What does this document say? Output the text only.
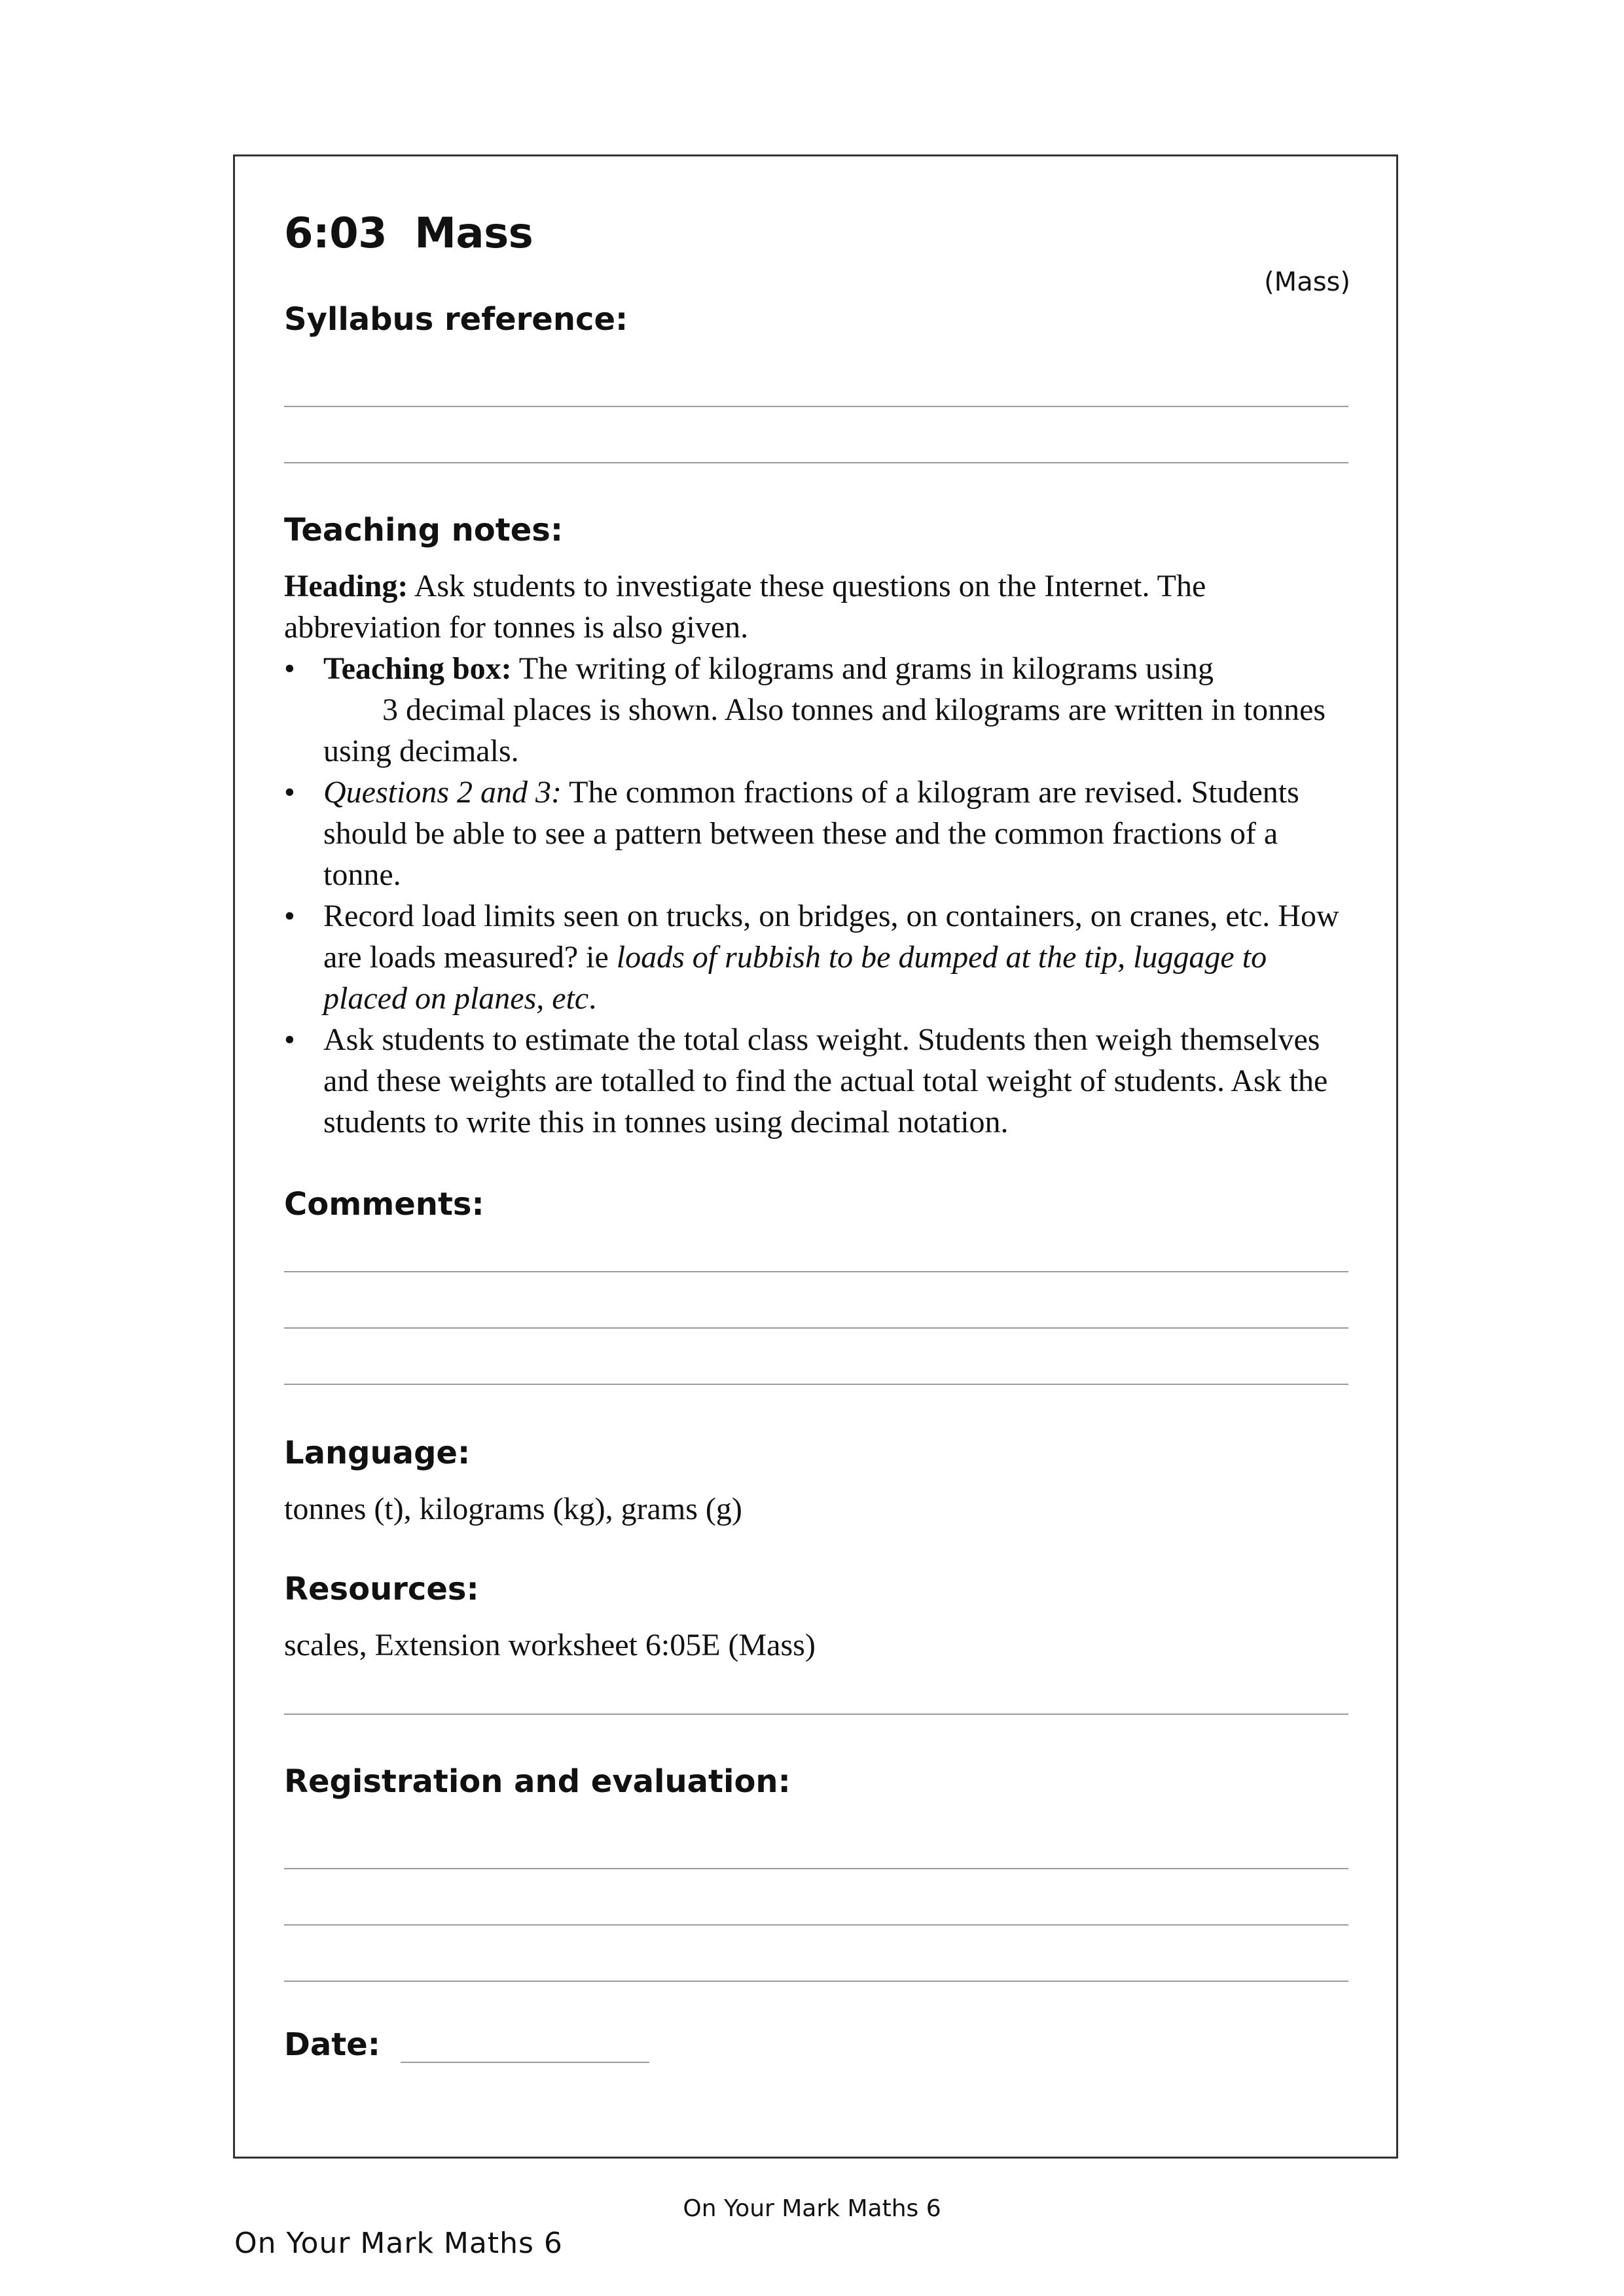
6:03 Mass
(Mass)
Syllabus reference:
Teaching notes:

Heading: Ask students to investigate these questions on the Internet. The abbreviation for tonnes is also given.

• Teaching box: The writing of kilograms and grams in kilograms using
3 decimal places is shown. Also tonnes and kilograms are written in tonnes
using decimals.
• Questions 2 and 3: The common fractions of a kilogram are revised. Students should be able to see a pattern between these and the common fractions of a tonne.
• Record load limits seen on trucks, on bridges, on containers, on cranes, etc. How are loads measured? ie loads of rubbish to be dumped at the tip, luggage to placed on planes, etc.
• Ask students to estimate the total class weight. Students then weigh themselves and these weights are totalled to find the actual total weight of students. Ask the students to write this in tonnes using decimal notation.
Comments:
Language:

tonnes (t), kilograms (kg), grams (g)

Resources:

scales, Extension worksheet 6:05E (Mass)

Registration and evaluation:
Date:
On Your Mark Maths 6
On Your Mark Maths 6
